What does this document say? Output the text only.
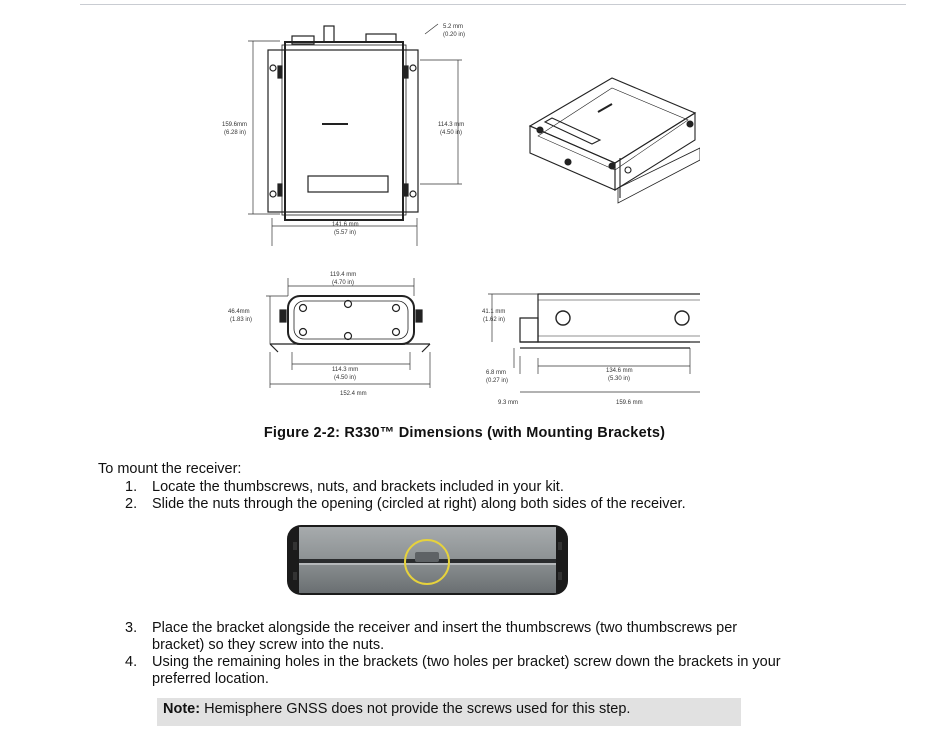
5.2 mm
(0.20 in)
159.6mm
(6.28 in)
114.3 mm
(4.50 in)
141.6 mm
(5.57 in)
119.4 mm
(4.70 in)
46.4mm
(1.83 in)
114.3 mm
(4.50 in)
152.4 mm
41.1 mm
(1.62 in)
6.8 mm
(0.27 in)
9.3 mm
134.6 mm
(5.30 in)
159.6 mm
Figure 2-2: R330™ Dimensions (with Mounting Brackets)
To mount the receiver:
1.	Locate the thumbscrews, nuts, and brackets included in your kit.
2.	Slide the nuts through the opening (circled at right) along both sides of the receiver.
3.	Place the bracket alongside the receiver and insert the thumbscrews (two thumbscrews per bracket) so they screw into the nuts.
4.	Using the remaining holes in the brackets (two holes per bracket) screw down the brackets in your preferred location.
Note: Hemisphere GNSS does not provide the screws used for this step.
